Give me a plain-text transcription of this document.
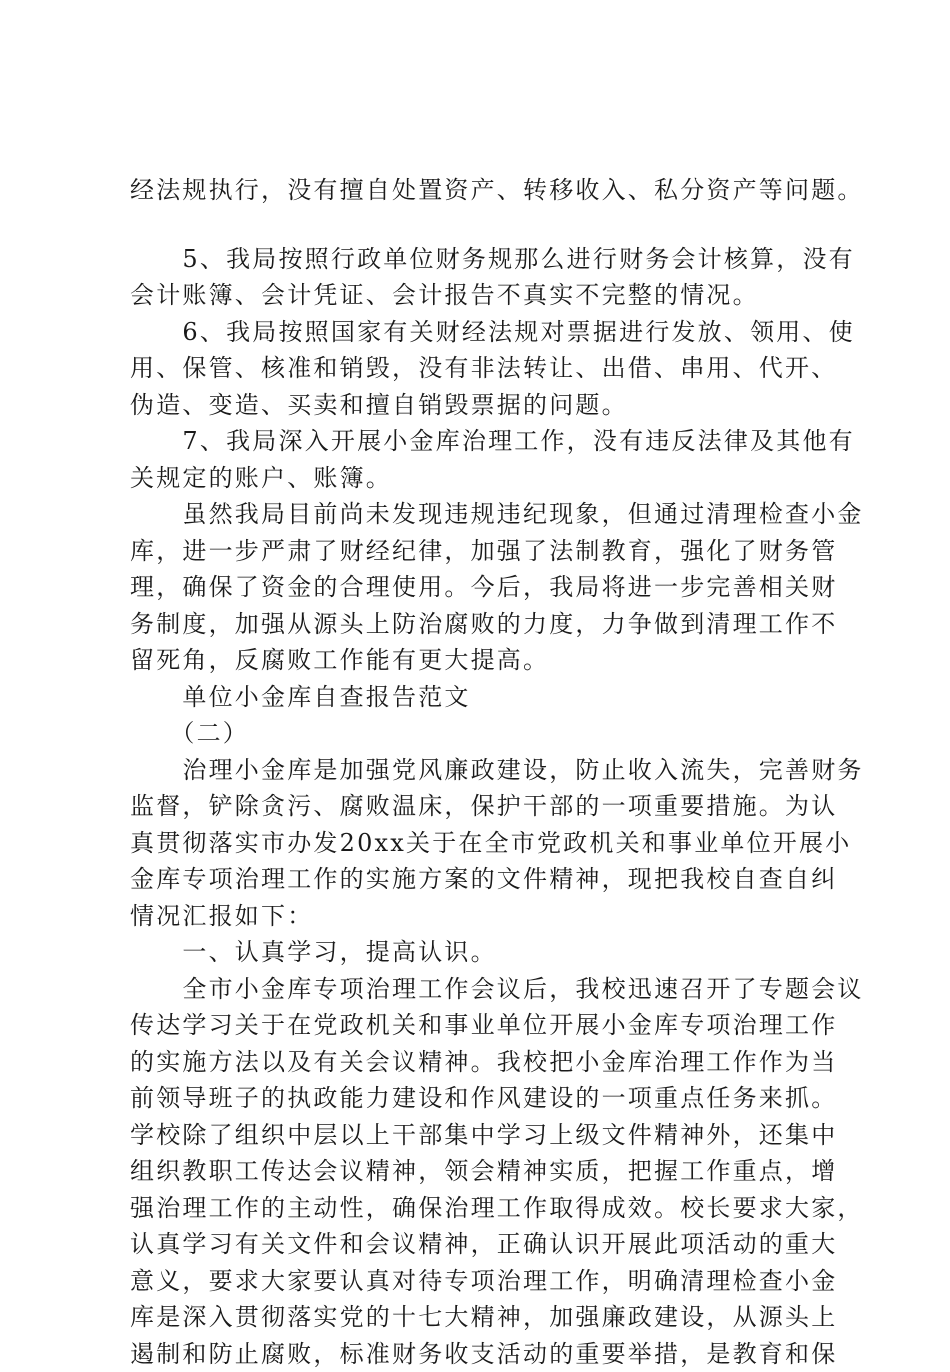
经法规执行，没有擅自处置资产、转移收入、私分资产等问题。
　　5、我局按照行政单位财务规那么进行财务会计核算，没有
会计账簿、会计凭证、会计报告不真实不完整的情况。
　　6、我局按照国家有关财经法规对票据进行发放、领用、使
用、保管、核准和销毁，没有非法转让、出借、串用、代开、
伪造、变造、买卖和擅自销毁票据的问题。
　　7、我局深入开展小金库治理工作，没有违反法律及其他有
关规定的账户、账簿。
　　虽然我局目前尚未发现违规违纪现象，但通过清理检查小金
库，进一步严肃了财经纪律，加强了法制教育，强化了财务管
理，确保了资金的合理使用。今后，我局将进一步完善相关财
务制度，加强从源头上防治腐败的力度，力争做到清理工作不
留死角，反腐败工作能有更大提高。
　　单位小金库自查报告范文
　　（二）
　　治理小金库是加强党风廉政建设，防止收入流失，完善财务
监督，铲除贪污、腐败温床，保护干部的一项重要措施。为认
真贯彻落实市办发20xx关于在全市党政机关和事业单位开展小
金库专项治理工作的实施方案的文件精神，现把我校自查自纠
情况汇报如下：
　　一、认真学习，提高认识。
　　全市小金库专项治理工作会议后，我校迅速召开了专题会议
传达学习关于在党政机关和事业单位开展小金库专项治理工作
的实施方法以及有关会议精神。我校把小金库治理工作作为当
前领导班子的执政能力建设和作风建设的一项重点任务来抓。
学校除了组织中层以上干部集中学习上级文件精神外，还集中
组织教职工传达会议精神，领会精神实质，把握工作重点，增
强治理工作的主动性，确保治理工作取得成效。校长要求大家，
认真学习有关文件和会议精神，正确认识开展此项活动的重大
意义，要求大家要认真对待专项治理工作，明确清理检查小金
库是深入贯彻落实党的十七大精神，加强廉政建设，从源头上
遏制和防止腐败，标准财务收支活动的重要举措，是教育和保
